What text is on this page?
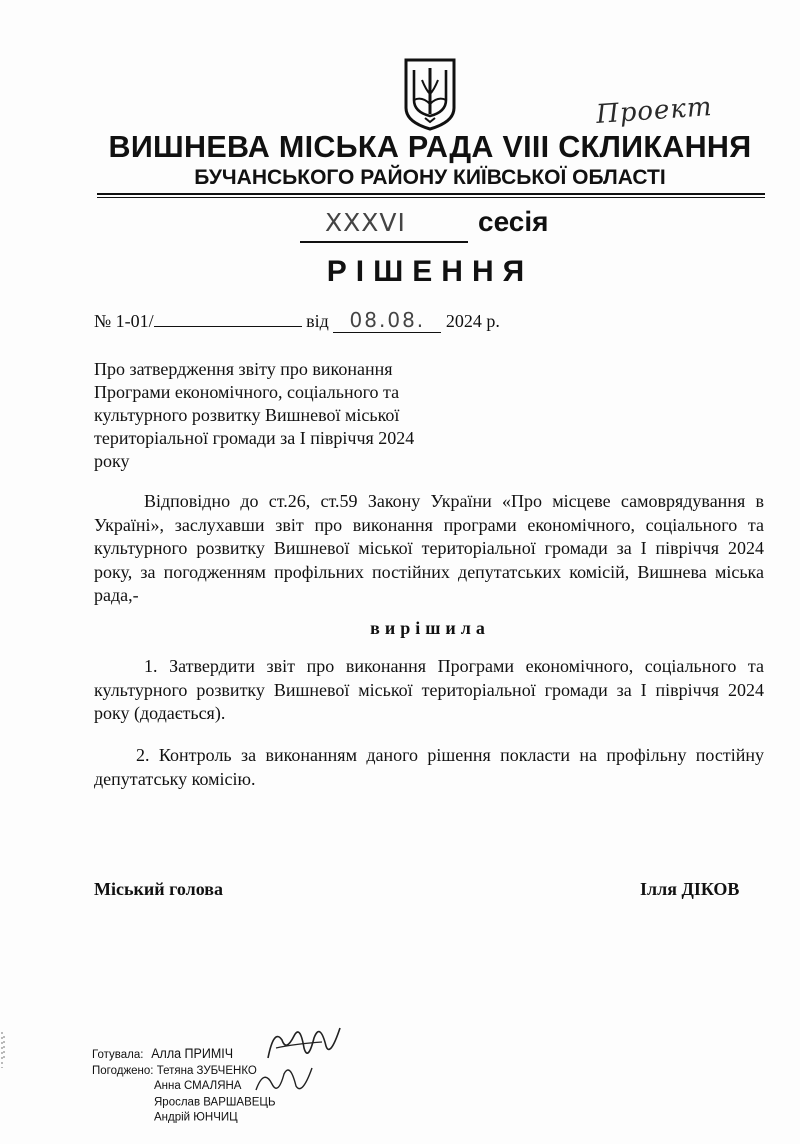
Проект
ВИШНЕВА МІСЬКА РАДА VIII СКЛИКАННЯ
БУЧАНСЬКОГО РАЙОНУ КИЇВСЬКОЇ ОБЛАСТІ
XXXVI	сесія
РІШЕННЯ
№ 1-01/	від 08.08. 2024 р.
Про затвердження звіту про виконання Програми економічного, соціального та культурного розвитку Вишневої міської територіальної громади за І півріччя 2024 року
Відповідно до ст.26, ст.59 Закону України «Про місцеве самоврядування в Україні», заслухавши звіт про виконання програми економічного, соціального та культурного розвитку Вишневої міської територіальної громади за І півріччя 2024 року, за погодженням профільних постійних депутатських комісій, Вишнева міська рада,-
вирішила
1. Затвердити звіт про виконання Програми економічного, соціального та культурного розвитку Вишневої міської територіальної громади за І півріччя 2024 року (додається).
2. Контроль за виконанням даного рішення покласти на профільну постійну депутатську комісію.
Міський голова	Ілля ДІКОВ
Готувала: Алла ПРИМІЧ
Погоджено: Тетяна ЗУБЧЕНКО
Анна СМАЛЯНА
Ярослав ВАРШАВЕЦЬ
Андрій ЮНЧИЦ
